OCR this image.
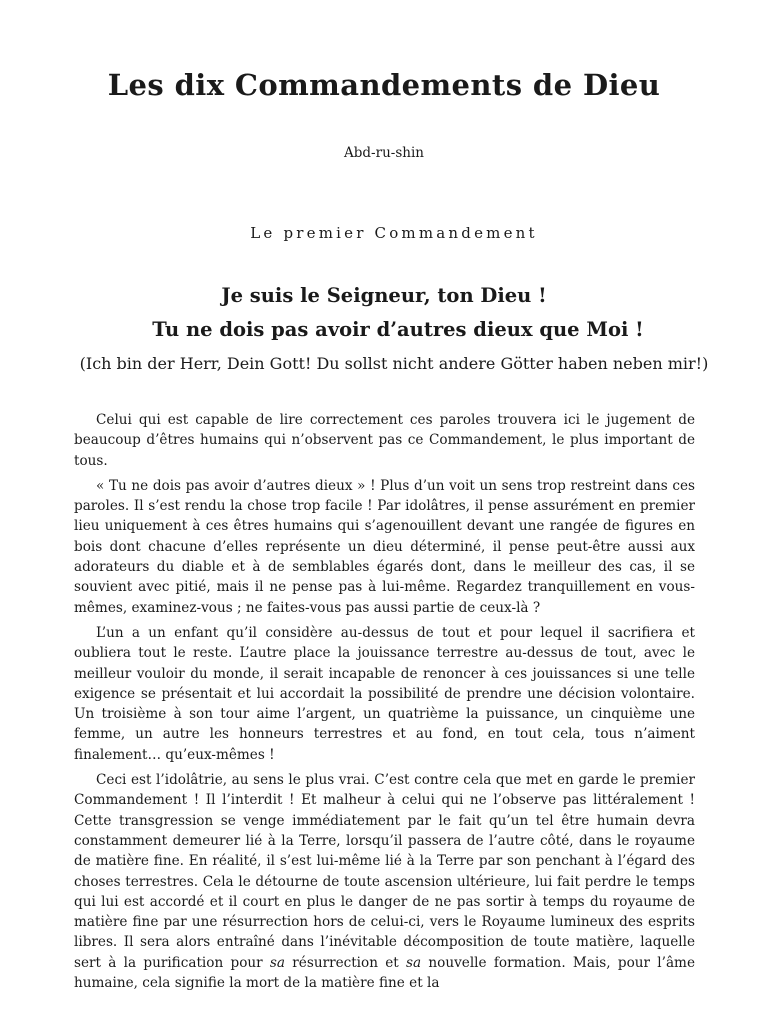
Les dix Commandements de Dieu
Abd-ru-shin
Le premier Commandement
Je suis le Seigneur, ton Dieu !
Tu ne dois pas avoir d’autres dieux que Moi !
(Ich bin der Herr, Dein Gott! Du sollst nicht andere Götter haben neben mir!)

Celui qui est capable de lire correctement ces paroles trouvera ici le jugement de beaucoup d’êtres humains qui n’observent pas ce Commandement, le plus important de tous.

« Tu ne dois pas avoir d’autres dieux » ! Plus d’un voit un sens trop restreint dans ces paroles. Il s’est rendu la chose trop facile ! Par idolâtres, il pense assurément en premier lieu uniquement à ces êtres humains qui s’agenouillent devant une rangée de figures en bois dont chacune d’elles représente un dieu déterminé, il pense peut-être aussi aux adorateurs du diable et à de semblables égarés dont, dans le meilleur des cas, il se souvient avec pitié, mais il ne pense pas à lui-même. Regardez tranquillement en vous-mêmes, examinez-vous ; ne faites-vous pas aussi partie de ceux-là ?

L’un a un enfant qu’il considère au-dessus de tout et pour lequel il sacrifiera et oubliera tout le reste. L’autre place la jouissance terrestre au-dessus de tout, avec le meilleur vouloir du monde, il serait incapable de renoncer à ces jouissances si une telle exigence se présentait et lui accordait la possibilité de prendre une décision volontaire. Un troisième à son tour aime l’argent, un quatrième la puissance, un cinquième une femme, un autre les honneurs terrestres et au fond, en tout cela, tous n’aiment finalement… qu’eux-mêmes !

Ceci est l’idolâtrie, au sens le plus vrai. C’est contre cela que met en garde le premier Commandement ! Il l’interdit ! Et malheur à celui qui ne l’observe pas littéralement ! Cette transgression se venge immédiatement par le fait qu’un tel être humain devra constamment demeurer lié à la Terre, lorsqu’il passera de l’autre côté, dans le royaume de matière fine. En réalité, il s’est lui-même lié à la Terre par son penchant à l’égard des choses terrestres. Cela le détourne de toute ascension ultérieure, lui fait perdre le temps qui lui est accordé et il court en plus le danger de ne pas sortir à temps du royaume de matière fine par une résurrection hors de celui-ci, vers le Royaume lumineux des esprits libres. Il sera alors entraîné dans l’inévitable décomposition de toute matière, laquelle sert à la purification pour sa résurrection et sa nouvelle formation. Mais, pour l’âme humaine, cela signifie la mort de la matière fine et la
